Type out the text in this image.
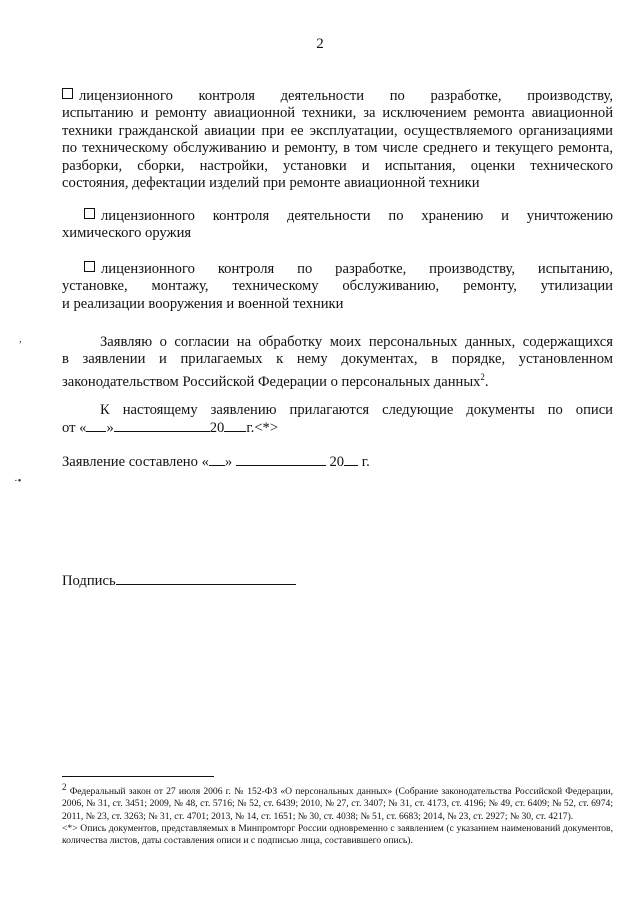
2
лицензионного контроля деятельности по разработке, производству,
испытанию и ремонту авиационной техники, за исключением ремонта авиационной
техники гражданской авиации при ее эксплуатации, осуществляемого организациями
по техническому обслуживанию и ремонту, в том числе среднего и текущего ремонта,
разборки, сборки, настройки, установки и испытания, оценки технического
состояния, дефектации изделий при ремонте авиационной техники
лицензионного контроля деятельности по хранению и уничтожению
химического оружия
лицензионного контроля по разработке, производству, испытанию,
установке, монтажу, техническому обслуживанию, ремонту, утилизации
и реализации вооружения и военной техники
Заявляю о согласии на обработку моих персональных данных, содержащихся
в заявлении и прилагаемых к нему документах, в порядке, установленном
законодательством Российской Федерации о персональных данных$^2$.
К настоящему заявлению прилагаются следующие документы по описи
от « »	20 г.<*>
Заявление составлено « »	20 г.
Подпись
,
·•
$^2$ Федеральный закон от 27 июля 2006 г. № 152-ФЗ «О персональных данных» (Собрание законодательства Российской Федерации, 2006, № 31, ст. 3451; 2009, № 48, ст. 5716; № 52, ст. 6439; 2010, № 27, ст. 3407; № 31, ст. 4173, ст. 4196; № 49, ст. 6409; № 52, ст. 6974; 2011, № 23, ст. 3263; № 31, ст. 4701; 2013, № 14, ст. 1651; № 30, ст. 4038; № 51, ст. 6683; 2014, № 23, ст. 2927; № 30, ст. 4217).
<*> Опись документов, представляемых в Минпромторг России одновременно с заявлением (с указанием наименований документов, количества листов, даты составления описи и с подписью лица, составившего опись).
